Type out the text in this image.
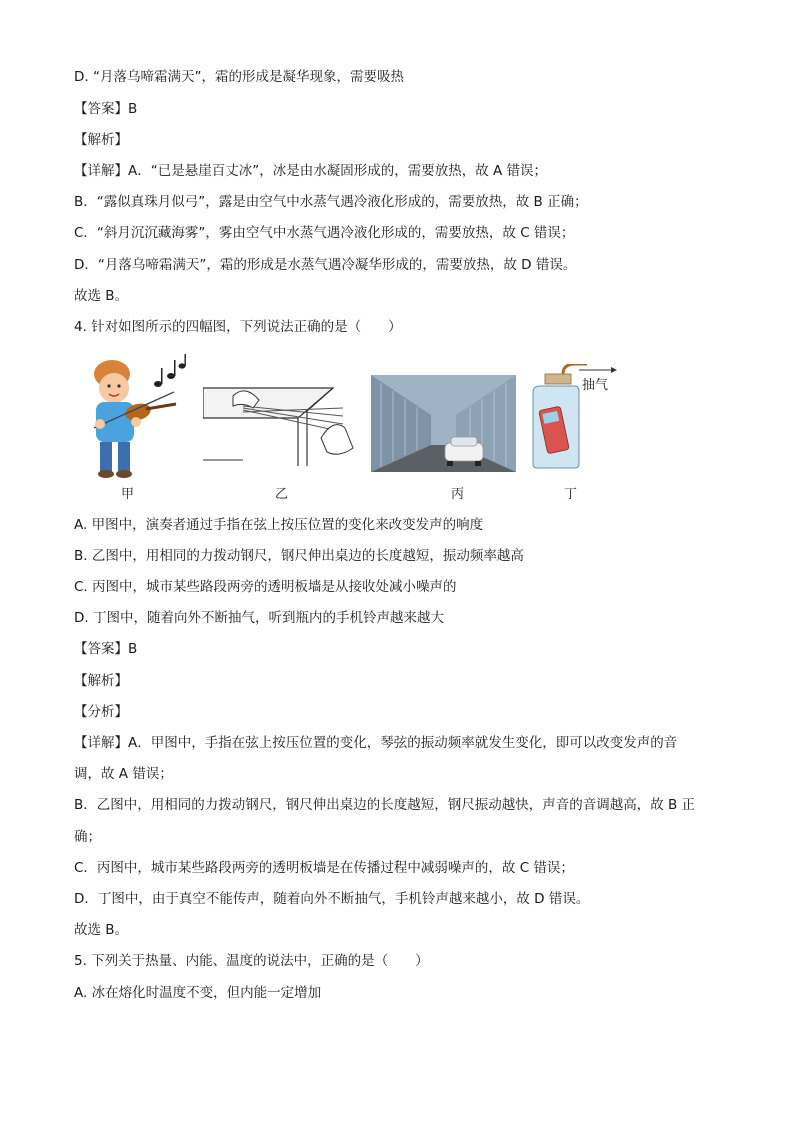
D. “月落乌啼霜满天”，霜的形成是凝华现象，需要吸热
【答案】B
【解析】
【详解】A．“已是悬崖百丈冰”，冰是由水凝固形成的，需要放热，故 A 错误；
B．“露似真珠月似弓”，露是由空气中水蒸气遇冷液化形成的，需要放热，故 B 正确；
C．“斜月沉沉藏海雾”，雾由空气中水蒸气遇冷液化形成的，需要放热，故 C 错误；
D．“月落乌啼霜满天”，霜的形成是水蒸气遇冷凝华形成的，需要放热，故 D 错误。
故选 B。
4. 针对如图所示的四幅图，下列说法正确的是（　　）
甲	乙	丙
抽气
丁
A. 甲图中，演奏者通过手指在弦上按压位置的变化来改变发声的响度
B. 乙图中，用相同的力拨动钢尺，钢尺伸出桌边的长度越短，振动频率越高
C. 丙图中，城市某些路段两旁的透明板墙是从接收处减小噪声的
D. 丁图中，随着向外不断抽气，听到瓶内的手机铃声越来越大
【答案】B
【解析】
【分析】
【详解】A．甲图中，手指在弦上按压位置的变化，琴弦的振动频率就发生变化，即可以改变发声的音
调，故 A 错误；
B．乙图中，用相同的力拨动钢尺，钢尺伸出桌边的长度越短，钢尺振动越快，声音的音调越高，故 B 正
确；
C．丙图中，城市某些路段两旁的透明板墙是在传播过程中减弱噪声的，故 C 错误；
D．丁图中，由于真空不能传声，随着向外不断抽气，手机铃声越来越小，故 D 错误。
故选 B。
5. 下列关于热量、内能、温度的说法中，正确的是（　　）
A. 冰在熔化时温度不变，但内能一定增加
